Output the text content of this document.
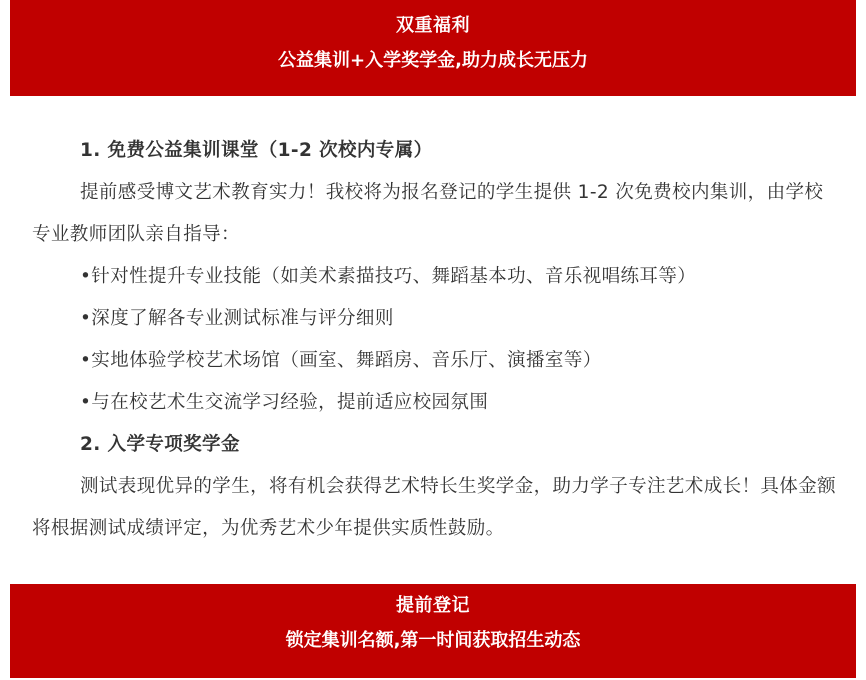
双重福利
公益集训+入学奖学金,助力成长无压力

1. 免费公益集训课堂（1-2 次校内专属）

提前感受博文艺术教育实力！我校将为报名登记的学生提供 1-2 次免费校内集训，由学校专业教师团队亲自指导：

•针对性提升专业技能（如美术素描技巧、舞蹈基本功、音乐视唱练耳等）

•深度了解各专业测试标准与评分细则

•实地体验学校艺术场馆（画室、舞蹈房、音乐厅、演播室等）

•与在校艺术生交流学习经验，提前适应校园氛围

2. 入学专项奖学金

测试表现优异的学生，将有机会获得艺术特长生奖学金，助力学子专注艺术成长！具体金额将根据测试成绩评定，为优秀艺术少年提供实质性鼓励。

提前登记
锁定集训名额,第一时间获取招生动态
